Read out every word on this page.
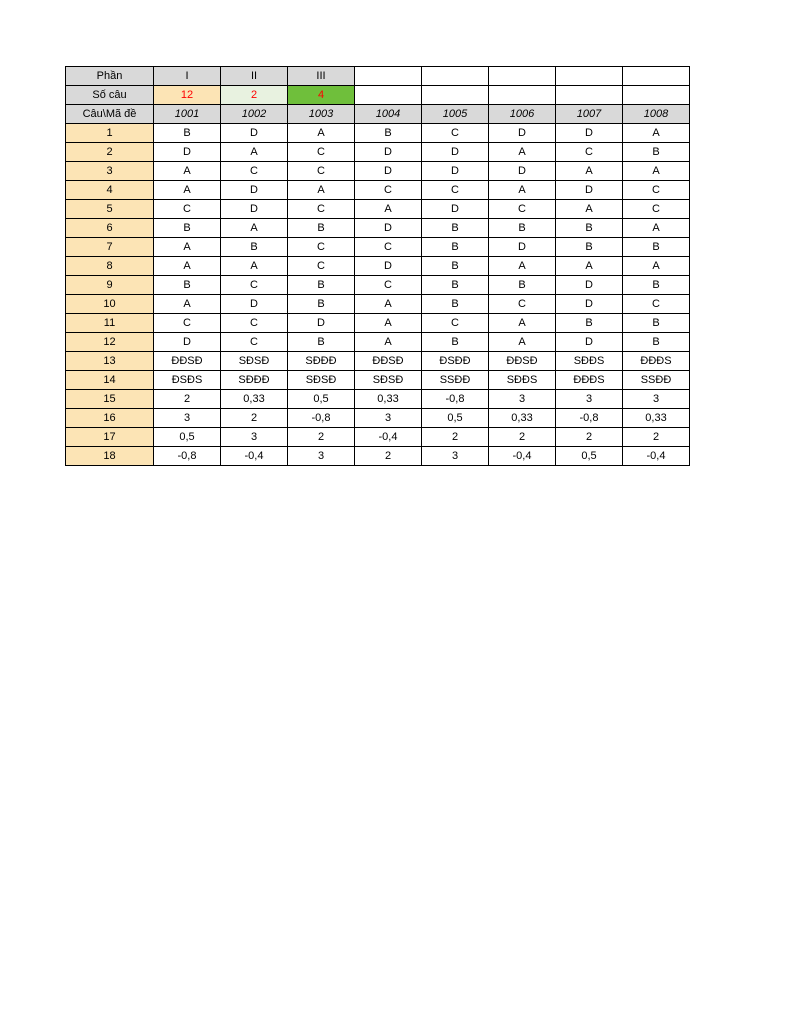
Phần	I	II	III					
Số câu	12	2	4					
Câu\Mã đề	1001	1002	1003	1004	1005	1006	1007	1008
1	B	D	A	B	C	D	D	A
2	D	A	C	D	D	A	C	B
3	A	C	C	D	D	D	A	A
4	A	D	A	C	C	A	D	C
5	C	D	C	A	D	C	A	C
6	B	A	B	D	B	B	B	A
7	A	B	C	C	B	D	B	B
8	A	A	C	D	B	A	A	A
9	B	C	B	C	B	B	D	B
10	A	D	B	A	B	C	D	C
11	C	C	D	A	C	A	B	B
12	D	C	B	A	B	A	D	B
13	ĐĐSĐ	SĐSĐ	SĐĐĐ	ĐĐSĐ	ĐSĐĐ	ĐĐSĐ	SĐĐS	ĐĐĐS
14	ĐSĐS	SĐĐĐ	SĐSĐ	SĐSĐ	SSĐĐ	SĐĐS	ĐĐĐS	SSĐĐ
15	2	0,33	0,5	0,33	-0,8	3	3	3
16	3	2	-0,8	3	0,5	0,33	-0,8	0,33
17	0,5	3	2	-0,4	2	2	2	2
18	-0,8	-0,4	3	2	3	-0,4	0,5	-0,4
